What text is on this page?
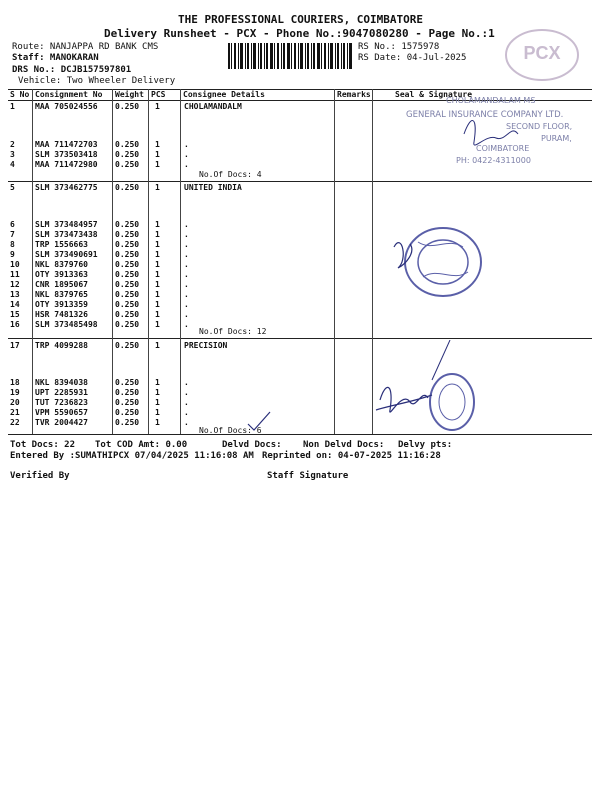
THE PROFESSIONAL COURIERS, COIMBATORE
Delivery Runsheet - PCX - Phone No.:9047080280 - Page No.:1
Route: NANJAPPA RD BANK CMS
Staff: MANOKARAN
DRS No.: DCJB157597801
Vehicle: Two Wheeler Delivery
RS No.: 1575978
RS Date: 04-Jul-2025	PCX
S No Consignment No Weight PCS Consignee Details	Remarks	Seal & Signature
1	MAA 705024556 0.250 1	CHOLAMANDALM
2	MAA 711472703 0.250 1	.
3	SLM 373503418 0.250 1	.
4	MAA 711472980 0.250 1	.
No.Of Docs: 4
5	SLM 373462775 0.250 1	UNITED INDIA
6	SLM 373484957 0.250 1	.
7	SLM 373473438 0.250 1	.
8	TRP 1556663	0.250 1	.
9	SLM 373490691 0.250 1	.
10 NKL 8379760	0.250 1	.
11 OTY 3913363	0.250 1	.
12 CNR 1895067	0.250 1	.
13 NKL 8379765	0.250 1	.
14 OTY 3913359	0.250 1	.
15 HSR 7481326	0.250 1	.
16 SLM 373485498 0.250 1	.
No.Of Docs: 12
17 TRP 4099288	0.250 1	PRECISION
18 NKL 8394038	0.250 1	.
19 UPT 2285931	0.250 1	.
20 TUT 7236823	0.250 1	.
21 VPM 5590657	0.250 1	.
22 TVR 2004427	0.250 1	.
No.Of Docs: 6
CHOLAMANDALAM MS
GENERAL INSURANCE COMPANY LTD.
SECOND FLOOR,
PURAM,
COIMBATORE
PH: 0422-4311000
Tot Docs: 22 Tot COD Amt: 0.00	Delvd Docs: Non Delvd Docs: Delvy pts:
Entered By :SUMATHIPCX 07/04/2025 11:16:08 AM Reprinted on: 04-07-2025 11:16:28
Verified By	Staff Signature
